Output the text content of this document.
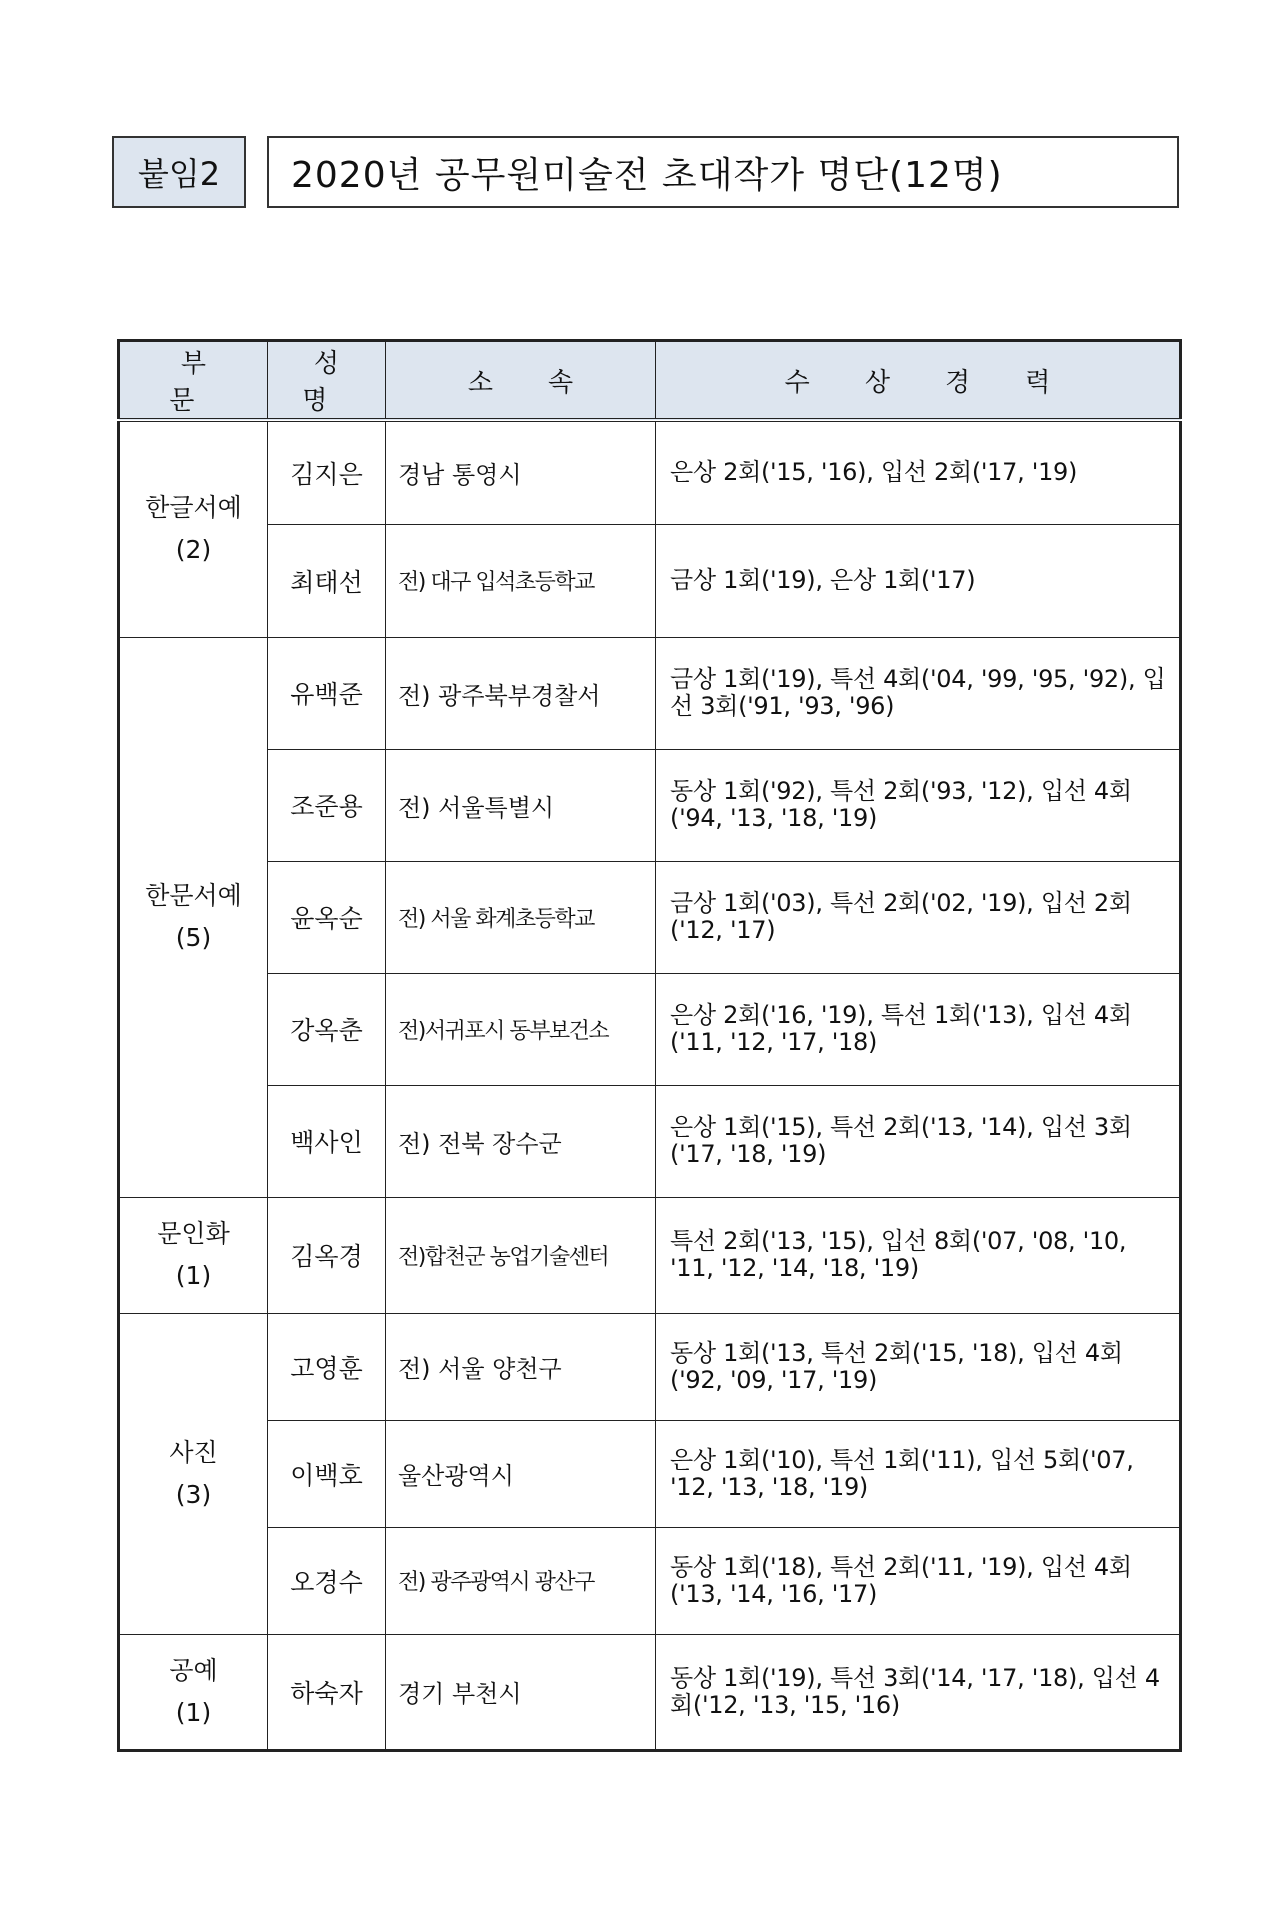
붙임2	2020년 공무원미술전 초대작가 명단(12명)
부 문	성 명	소 속	수 상 경 력

한글서예
(2)	김지은	경남 통영시	은상 2회('15, '16), 입선 2회('17, '19)
	최태선	전) 대구 입석초등학교	금상 1회('19), 은상 1회('17)

한문서예
(5)	유백준	전) 광주북부경찰서	금상 1회('19), 특선 4회('04, '99, '95, '92), 입선 3회('91, '93, '96)
	조준용	전) 서울특별시	동상 1회('92), 특선 2회('93, '12), 입선 4회('94, '13, '18, '19)
	윤옥순	전) 서울 화계초등학교	금상 1회('03), 특선 2회('02, '19), 입선 2회('12, '17)
	강옥춘	전)서귀포시 동부보건소	은상 2회('16, '19), 특선 1회('13), 입선 4회('11, '12, '17, '18)
	백사인	전) 전북 장수군	은상 1회('15), 특선 2회('13, '14), 입선 3회('17, '18, '19)

문인화
(1)	김옥경	전)합천군 농업기술센터	특선 2회('13, '15), 입선 8회('07, '08, '10, '11, '12, '14, '18, '19)

사진
(3)	고영훈	전) 서울 양천구	동상 1회('13, 특선 2회('15, '18), 입선 4회('92, '09, '17, '19)
	이백호	울산광역시	은상 1회('10), 특선 1회('11), 입선 5회('07, '12, '13, '18, '19)
	오경수	전) 광주광역시 광산구	동상 1회('18), 특선 2회('11, '19), 입선 4회('13, '14, '16, '17)

공예
(1)	하숙자	경기 부천시	동상 1회('19), 특선 3회('14, '17, '18), 입선 4회('12, '13, '15, '16)
